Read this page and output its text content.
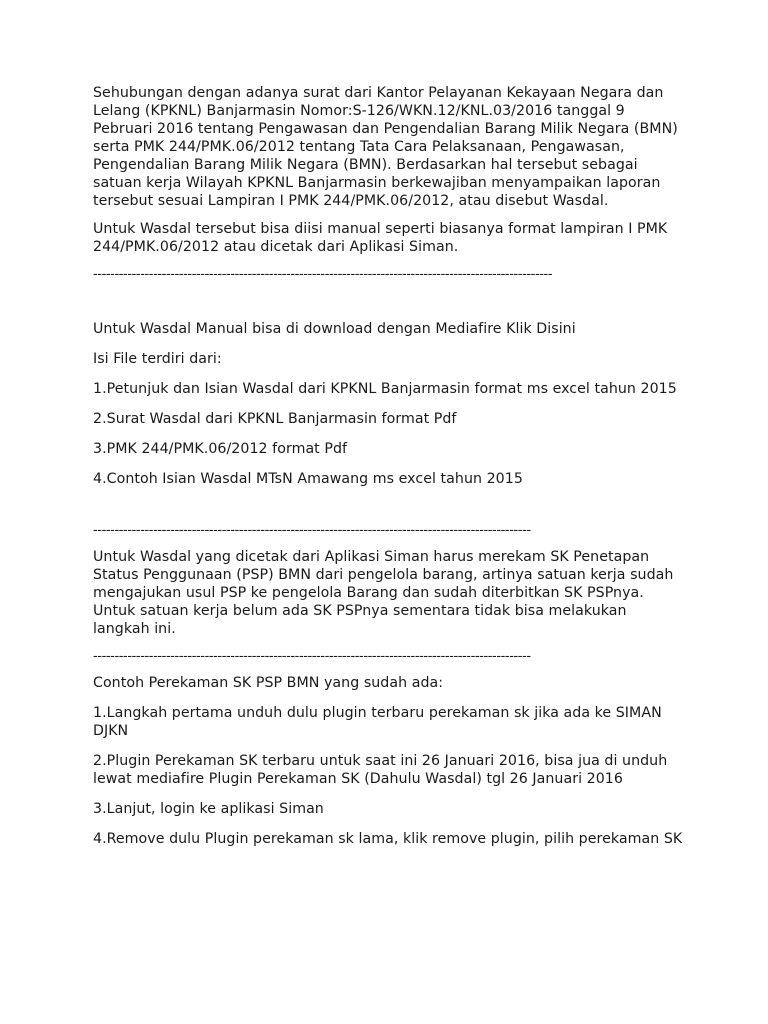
Sehubungan dengan adanya surat dari Kantor Pelayanan Kekayaan Negara dan Lelang (KPKNL) Banjarmasin Nomor:S-126/WKN.12/KNL.03/2016 tanggal 9 Pebruari 2016 tentang Pengawasan dan Pengendalian Barang Milik Negara (BMN) serta PMK 244/PMK.06/2012 tentang Tata Cara Pelaksanaan, Pengawasan, Pengendalian Barang Milik Negara (BMN). Berdasarkan hal tersebut sebagai satuan kerja Wilayah KPKNL Banjarmasin berkewajiban menyampaikan laporan tersebut sesuai Lampiran I PMK 244/PMK.06/2012, atau disebut Wasdal.

Untuk Wasdal tersebut bisa diisi manual seperti biasanya format lampiran I PMK 244/PMK.06/2012 atau dicetak dari Aplikasi Siman.

-----------------------------------------------------------------------------------------------------------

Untuk Wasdal Manual bisa di download dengan Mediafire Klik Disini

Isi File terdiri dari:

1.Petunjuk dan Isian Wasdal dari KPKNL Banjarmasin format ms excel tahun 2015

2.Surat Wasdal dari KPKNL Banjarmasin format Pdf

3.PMK 244/PMK.06/2012 format Pdf

4.Contoh Isian Wasdal MTsN Amawang ms excel tahun 2015

------------------------------------------------------------------------------------------------------

Untuk Wasdal yang dicetak dari Aplikasi Siman harus merekam SK Penetapan Status Penggunaan (PSP) BMN dari pengelola barang, artinya satuan kerja sudah mengajukan usul PSP ke pengelola Barang dan sudah diterbitkan SK PSPnya. Untuk satuan kerja belum ada SK PSPnya sementara tidak bisa melakukan langkah ini.

------------------------------------------------------------------------------------------------------

Contoh Perekaman SK PSP BMN yang sudah ada:

1.Langkah pertama unduh dulu plugin terbaru perekaman sk jika ada ke SIMAN DJKN

2.Plugin Perekaman SK terbaru untuk saat ini 26 Januari 2016, bisa jua di unduh lewat mediafire Plugin Perekaman SK (Dahulu Wasdal) tgl 26 Januari 2016

3.Lanjut, login ke aplikasi Siman

4.Remove dulu Plugin perekaman sk lama, klik remove plugin, pilih perekaman SK
